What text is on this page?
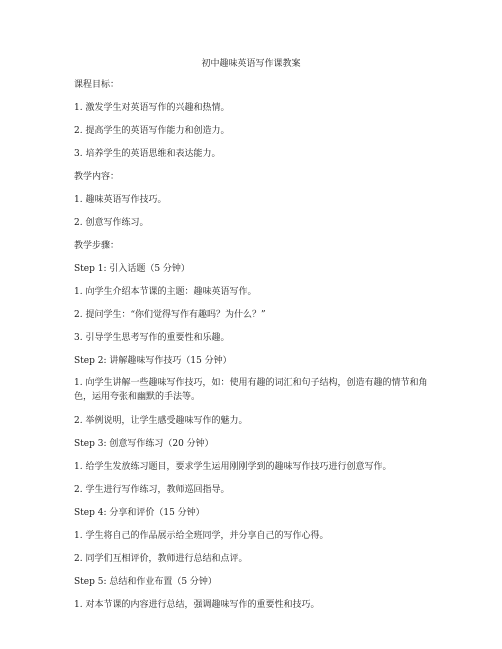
初中趣味英语写作课教案
课程目标：
1. 激发学生对英语写作的兴趣和热情。
2. 提高学生的英语写作能力和创造力。
3. 培养学生的英语思维和表达能力。
教学内容：
1. 趣味英语写作技巧。
2. 创意写作练习。
教学步骤：
Step 1: 引入话题（5 分钟）
1. 向学生介绍本节课的主题：趣味英语写作。
2. 提问学生：“你们觉得写作有趣吗？为什么？”
3. 引导学生思考写作的重要性和乐趣。
Step 2: 讲解趣味写作技巧（15 分钟）
1. 向学生讲解一些趣味写作技巧，如：使用有趣的词汇和句子结构，创造有趣的情节和角色，运用夸张和幽默的手法等。
2. 举例说明，让学生感受趣味写作的魅力。
Step 3: 创意写作练习（20 分钟）
1. 给学生发放练习题目，要求学生运用刚刚学到的趣味写作技巧进行创意写作。
2. 学生进行写作练习，教师巡回指导。
Step 4: 分享和评价（15 分钟）
1. 学生将自己的作品展示给全班同学，并分享自己的写作心得。
2. 同学们互相评价，教师进行总结和点评。
Step 5: 总结和作业布置（5 分钟）
1. 对本节课的内容进行总结，强调趣味写作的重要性和技巧。
